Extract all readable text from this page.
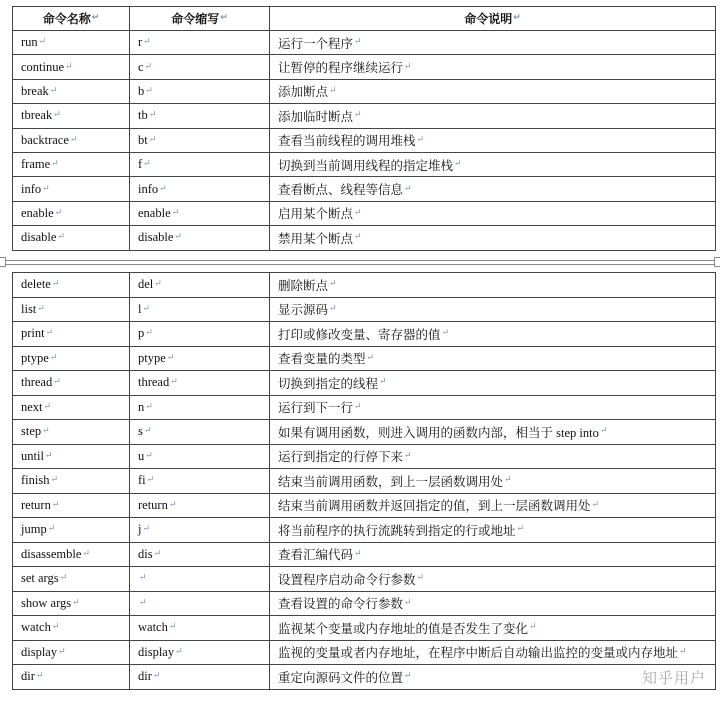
命令名称 ↵	命令缩写 ↵	命令说明 ↵
run ↵	r ↵	运行一个程序 ↵
continue ↵	c ↵	让暂停的程序继续运行 ↵
break ↵	b ↵	添加断点 ↵
tbreak ↵	tb ↵	添加临时断点 ↵
backtrace ↵	bt ↵	查看当前线程的调用堆栈 ↵
frame ↵	f ↵	切换到当前调用线程的指定堆栈 ↵
info ↵	info ↵	查看断点、线程等信息 ↵
enable ↵	enable ↵	启用某个断点 ↵
disable ↵	disable ↵	禁用某个断点 ↵
delete ↵	del ↵	删除断点 ↵
list ↵	l ↵	显示源码 ↵
print ↵	p ↵	打印或修改变量、寄存器的值 ↵
ptype ↵	ptype ↵	查看变量的类型 ↵
thread ↵	thread ↵	切换到指定的线程 ↵
next ↵	n ↵	运行到下一行 ↵
step ↵	s ↵	如果有调用函数，则进入调用的函数内部，相当于 step into ↵
until ↵	u ↵	运行到指定的行停下来 ↵
finish ↵	fi ↵	结束当前调用函数，到上一层函数调用处 ↵
return ↵	return ↵	结束当前调用函数并返回指定的值，到上一层函数调用处 ↵
jump ↵	j ↵	将当前程序的执行流跳转到指定的行或地址 ↵
disassemble ↵	dis ↵	查看汇编代码 ↵
set args ↵	↵	设置程序启动命令行参数 ↵
show args ↵	↵	查看设置的命令行参数 ↵
watch ↵	watch ↵	监视某个变量或内存地址的值是否发生了变化 ↵
display ↵	display ↵	监视的变量或者内存地址，在程序中断后自动输出监控的变量或内存地址 ↵
dir ↵	dir ↵	重定向源码文件的位置 ↵	知乎用户
